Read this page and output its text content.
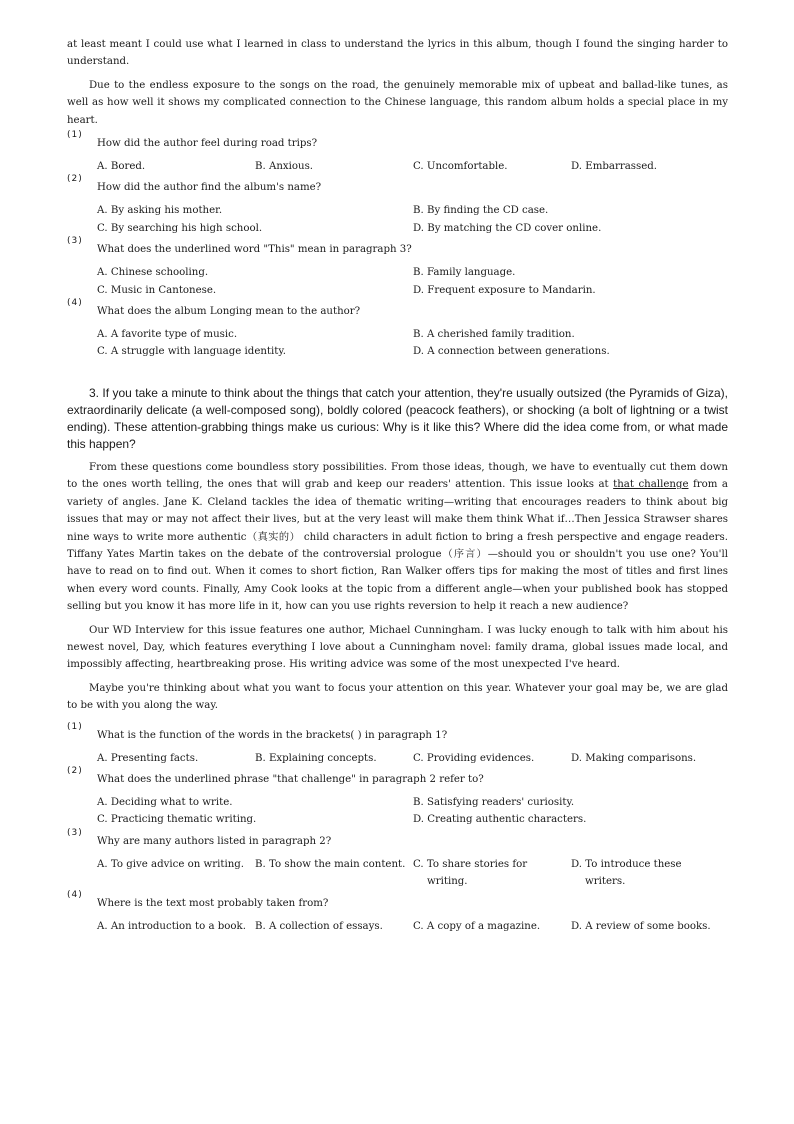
at least meant I could use what I learned in class to understand the lyrics in this album, though I found the singing harder to understand.

Due to the endless exposure to the songs on the road, the genuinely memorable mix of upbeat and ballad-like tunes, as well as how well it shows my complicated connection to the Chinese language, this random album holds a special place in my heart.

(1)
How did the author feel during road trips?
A. Bored.	B. Anxious.	C. Uncomfortable.	D. Embarrassed.
(2)
How did the author find the album's name?
A. By asking his mother.	B. By finding the CD case.
C. By searching his high school.	D. By matching the CD cover online.
(3)
What does the underlined word "This" mean in paragraph 3?
A. Chinese schooling.	B. Family language.
C. Music in Cantonese.	D. Frequent exposure to Mandarin.
(4)
What does the album Longing mean to the author?
A. A favorite type of music.	B. A cherished family tradition.
C. A struggle with language identity.	D. A connection between generations.

3. If you take a minute to think about the things that catch your attention, they're usually outsized (the Pyramids of Giza), extraordinarily delicate (a well-composed song), boldly colored (peacock feathers), or shocking (a bolt of lightning or a twist ending). These attention-grabbing things make us curious: Why is it like this? Where did the idea come from, or what made this happen?

From these questions come boundless story possibilities. From those ideas, though, we have to eventually cut them down to the ones worth telling, the ones that will grab and keep our readers' attention. This issue looks at that challenge from a variety of angles. Jane K. Cleland tackles the idea of thematic writing—writing that encourages readers to think about big issues that may or may not affect their lives, but at the very least will make them think What if…Then Jessica Strawser shares nine ways to write more authentic（真实的） child characters in adult fiction to bring a fresh perspective and engage readers. Tiffany Yates Martin takes on the debate of the controversial prologue（序言）—should you or shouldn't you use one? You'll have to read on to find out. When it comes to short fiction, Ran Walker offers tips for making the most of titles and first lines when every word counts. Finally, Amy Cook looks at the topic from a different angle—when your published book has stopped selling but you know it has more life in it, how can you use rights reversion to help it reach a new audience?

Our WD Interview for this issue features one author, Michael Cunningham. I was lucky enough to talk with him about his newest novel, Day, which features everything I love about a Cunningham novel: family drama, global issues made local, and impossibly affecting, heartbreaking prose. His writing advice was some of the most unexpected I've heard.

Maybe you're thinking about what you want to focus your attention on this year. Whatever your goal may be, we are glad to be with you along the way.

(1)
What is the function of the words in the brackets( ) in paragraph 1?
A. Presenting facts.	B. Explaining concepts.	C. Providing evidences.	D. Making comparisons.
(2)
What does the underlined phrase "that challenge" in paragraph 2 refer to?
A. Deciding what to write.	B. Satisfying readers' curiosity.
C. Practicing thematic writing.	D. Creating authentic characters.
(3)
Why are many authors listed in paragraph 2?
A. To give advice on writing.	B. To show the main content. C. To share stories for writing.
D. To introduce these writers.
(4)
Where is the text most probably taken from?
A. An introduction to a book. B. A collection of essays.	C. A copy of a magazine.	D. A review of some books.
